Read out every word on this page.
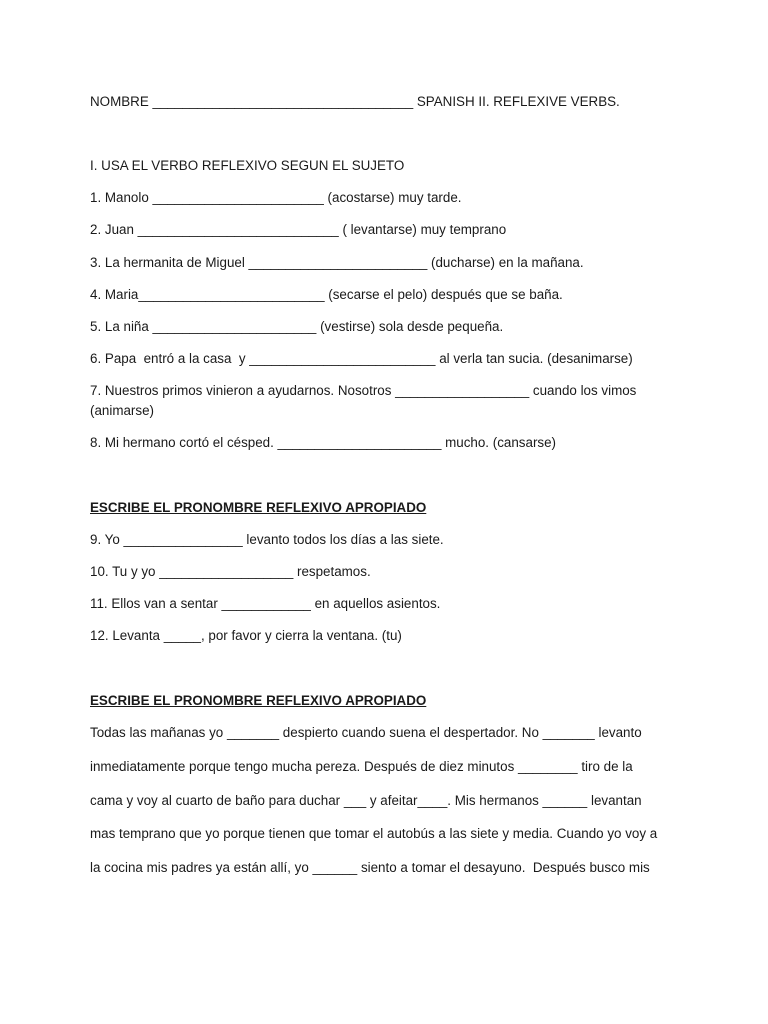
NOMBRE ___________________________________ SPANISH II. REFLEXIVE VERBS.

I. USA EL VERBO REFLEXIVO SEGUN EL SUJETO

1. Manolo _______________________ (acostarse) muy tarde.

2. Juan ___________________________ ( levantarse) muy temprano

3. La hermanita de Miguel ________________________ (ducharse) en la mañana.

4. Maria_________________________ (secarse el pelo) después que se baña.

5. La niña ______________________ (vestirse) sola desde pequeña.

6. Papa  entró a la casa  y _________________________ al verla tan sucia. (desanimarse)

7. Nuestros primos vinieron a ayudarnos. Nosotros __________________ cuando los vimos (animarse)

8. Mi hermano cortó el césped. ______________________ mucho. (cansarse)

ESCRIBE EL PRONOMBRE REFLEXIVO APROPIADO

9. Yo ________________ levanto todos los días a las siete.

10. Tu y yo __________________ respetamos.

11. Ellos van a sentar ____________ en aquellos asientos.

12. Levanta _____, por favor y cierra la ventana. (tu)

ESCRIBE EL PRONOMBRE REFLEXIVO APROPIADO

Todas las mañanas yo _______ despierto cuando suena el despertador. No _______ levanto

inmediatamente porque tengo mucha pereza. Después de diez minutos ________ tiro de la

cama y voy al cuarto de baño para duchar ___ y afeitar____. Mis hermanos ______ levantan

mas temprano que yo porque tienen que tomar el autobús a las siete y media. Cuando yo voy a

la cocina mis padres ya están allí, yo ______ siento a tomar el desayuno.  Después busco mis
